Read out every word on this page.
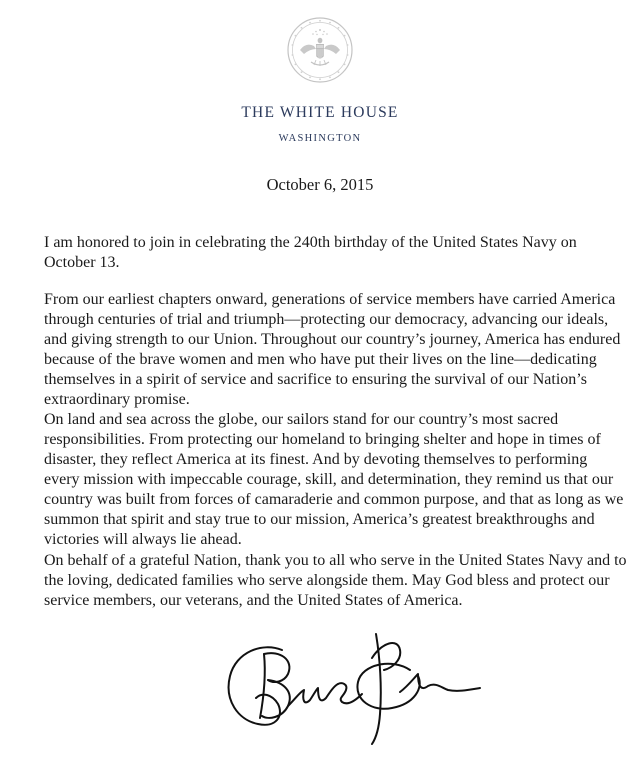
THE WHITE HOUSE
WASHINGTON
October 6, 2015
I am honored to join in celebrating the 240th birthday of the United States Navy on
October 13.
From our earliest chapters onward, generations of service members have carried America
through centuries of trial and triumph—protecting our democracy, advancing our ideals,
and giving strength to our Union. Throughout our country’s journey, America has endured
because of the brave women and men who have put their lives on the line—dedicating
themselves in a spirit of service and sacrifice to ensuring the survival of our Nation’s
extraordinary promise.
On land and sea across the globe, our sailors stand for our country’s most sacred
responsibilities. From protecting our homeland to bringing shelter and hope in times of
disaster, they reflect America at its finest. And by devoting themselves to performing
every mission with impeccable courage, skill, and determination, they remind us that our
country was built from forces of camaraderie and common purpose, and that as long as we
summon that spirit and stay true to our mission, America’s greatest breakthroughs and
victories will always lie ahead.
On behalf of a grateful Nation, thank you to all who serve in the United States Navy and to
the loving, dedicated families who serve alongside them. May God bless and protect our
service members, our veterans, and the United States of America.
